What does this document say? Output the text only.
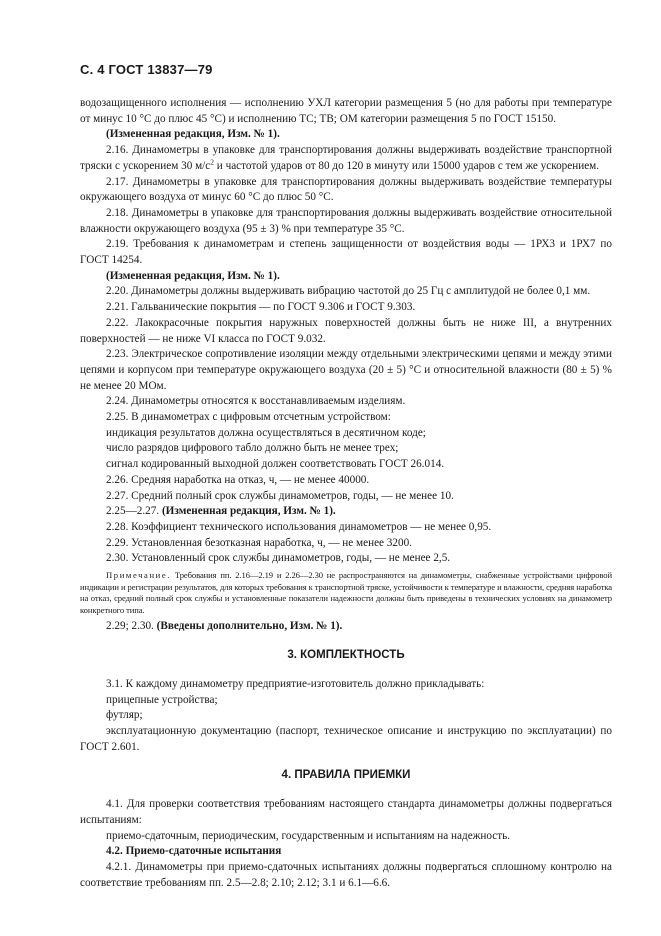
С. 4 ГОСТ 13837—79

водозащищенного исполнения — исполнению УХЛ категории размещения 5 (но для работы при температуре от минус 10 °С до плюс 45 °С) и исполнению ТС; ТВ; ОМ категории размещения 5 по ГОСТ 15150.

(Измененная редакция, Изм. № 1).

2.16. Динамометры в упаковке для транспортирования должны выдерживать воздействие транспортной тряски с ускорением 30 $м/с^2$ и частотой ударов от 80 до 120 в минуту или 15000 ударов с тем же ускорением.

2.17. Динамометры в упаковке для транспортирования должны выдерживать воздействие температуры окружающего воздуха от минус 60 °С до плюс 50 °С.

2.18. Динамометры в упаковке для транспортирования должны выдерживать воздействие относительной влажности окружающего воздуха (95 ± 3) % при температуре 35 °С.

2.19. Требования к динамометрам и степень защищенности от воздействия воды — 1РХ3 и 1РХ7 по ГОСТ 14254.

(Измененная редакция, Изм. № 1).

2.20. Динамометры должны выдерживать вибрацию частотой до 25 Гц с амплитудой не более 0,1 мм.

2.21. Гальванические покрытия — по ГОСТ 9.306 и ГОСТ 9.303.

2.22. Лакокрасочные покрытия наружных поверхностей должны быть не ниже III, а внутренних поверхностей — не ниже VI класса по ГОСТ 9.032.

2.23. Электрическое сопротивление изоляции между отдельными электрическими цепями и между этими цепями и корпусом при температуре окружающего воздуха (20 ± 5) °С и относительной влажности (80 ± 5) % не менее 20 МОм.

2.24. Динамометры относятся к восстанавливаемым изделиям.

2.25. В динамометрах с цифровым отсчетным устройством:

индикация результатов должна осуществляться в десятичном коде;

число разрядов цифрового табло должно быть не менее трех;

сигнал кодированный выходной должен соответствовать ГОСТ 26.014.

2.26. Средняя наработка на отказ, ч, — не менее 40000.

2.27. Средний полный срок службы динамометров, годы, — не менее 10.

2.25—2.27. (Измененная редакция, Изм. № 1).

2.28. Коэффициент технического использования динамометров — не менее 0,95.

2.29. Установленная безотказная наработка, ч, — не менее 3200.

2.30. Установленный срок службы динамометров, годы, — не менее 2,5.

Примечание. Требования пп. 2.16—2.19 и 2.26—2.30 не распространяются на динамометры, снабженные устройствами цифровой индикации и регистрации результатов, для которых требования к транспортной тряске, устойчивости к температуре и влажности, средняя наработка на отказ, средний полный срок службы и установленные показатели надежности должны быть приведены в технических условиях на динамометр конкретного типа.

2.29; 2.30. (Введены дополнительно, Изм. № 1).

3. КОМПЛЕКТНОСТЬ

3.1. К каждому динамометру предприятие-изготовитель должно прикладывать:

прицепные устройства;

футляр;

эксплуатационную документацию (паспорт, техническое описание и инструкцию по эксплуатации) по ГОСТ 2.601.

4. ПРАВИЛА ПРИЕМКИ

4.1. Для проверки соответствия требованиям настоящего стандарта динамометры должны подвергаться испытаниям:

приемо-сдаточным, периодическим, государственным и испытаниям на надежность.

4.2. Приемо-сдаточные испытания

4.2.1. Динамометры при приемо-сдаточных испытаниях должны подвергаться сплошному контролю на соответствие требованиям пп. 2.5—2.8; 2.10; 2.12; 3.1 и 6.1—6.6.
